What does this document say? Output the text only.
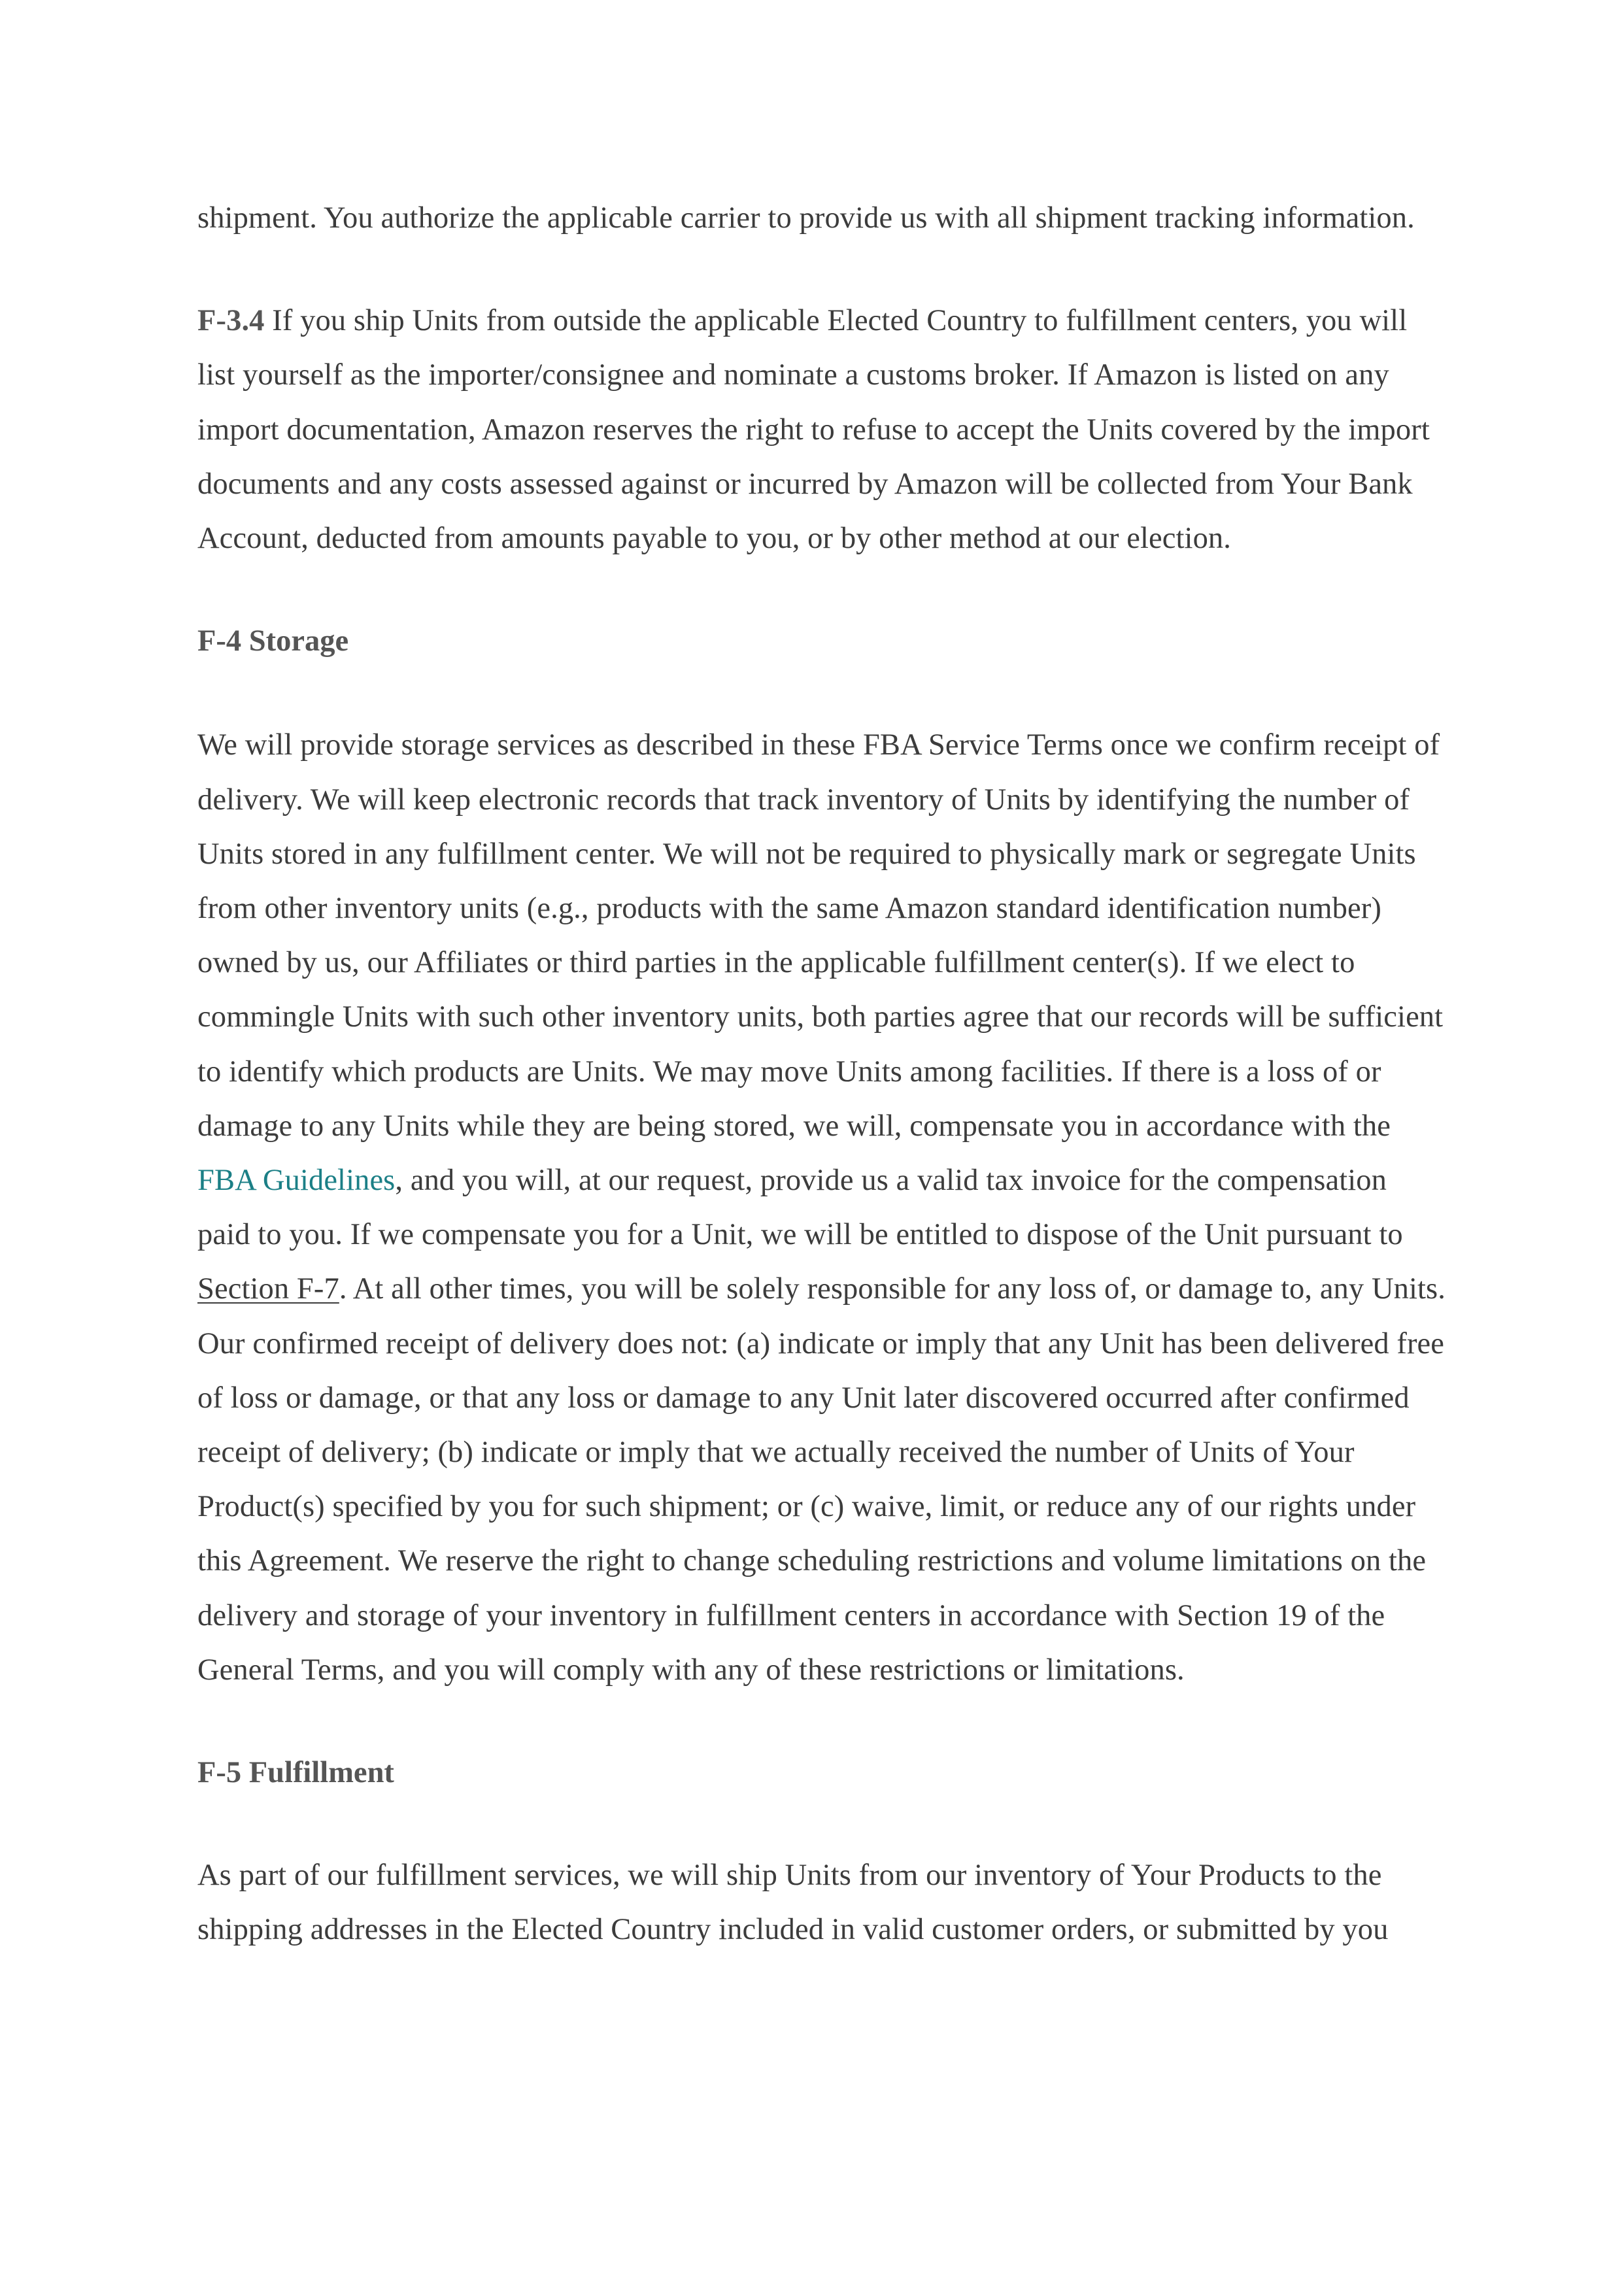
shipment. You authorize the applicable carrier to provide us with all shipment tracking information.

F-3.4 If you ship Units from outside the applicable Elected Country to fulfillment centers, you will list yourself as the importer/consignee and nominate a customs broker. If Amazon is listed on any import documentation, Amazon reserves the right to refuse to accept the Units covered by the import documents and any costs assessed against or incurred by Amazon will be collected from Your Bank Account, deducted from amounts payable to you, or by other method at our election.

F-4 Storage

We will provide storage services as described in these FBA Service Terms once we confirm receipt of delivery. We will keep electronic records that track inventory of Units by identifying the number of Units stored in any fulfillment center. We will not be required to physically mark or segregate Units from other inventory units (e.g., products with the same Amazon standard identification number) owned by us, our Affiliates or third parties in the applicable fulfillment center(s). If we elect to commingle Units with such other inventory units, both parties agree that our records will be sufficient to identify which products are Units. We may move Units among facilities. If there is a loss of or damage to any Units while they are being stored, we will, compensate you in accordance with the FBA Guidelines, and you will, at our request, provide us a valid tax invoice for the compensation paid to you. If we compensate you for a Unit, we will be entitled to dispose of the Unit pursuant to Section F-7. At all other times, you will be solely responsible for any loss of, or damage to, any Units. Our confirmed receipt of delivery does not: (a) indicate or imply that any Unit has been delivered free of loss or damage, or that any loss or damage to any Unit later discovered occurred after confirmed receipt of delivery; (b) indicate or imply that we actually received the number of Units of Your Product(s) specified by you for such shipment; or (c) waive, limit, or reduce any of our rights under this Agreement. We reserve the right to change scheduling restrictions and volume limitations on the delivery and storage of your inventory in fulfillment centers in accordance with Section 19 of the General Terms, and you will comply with any of these restrictions or limitations.

F-5 Fulfillment

As part of our fulfillment services, we will ship Units from our inventory of Your Products to the shipping addresses in the Elected Country included in valid customer orders, or submitted by you
